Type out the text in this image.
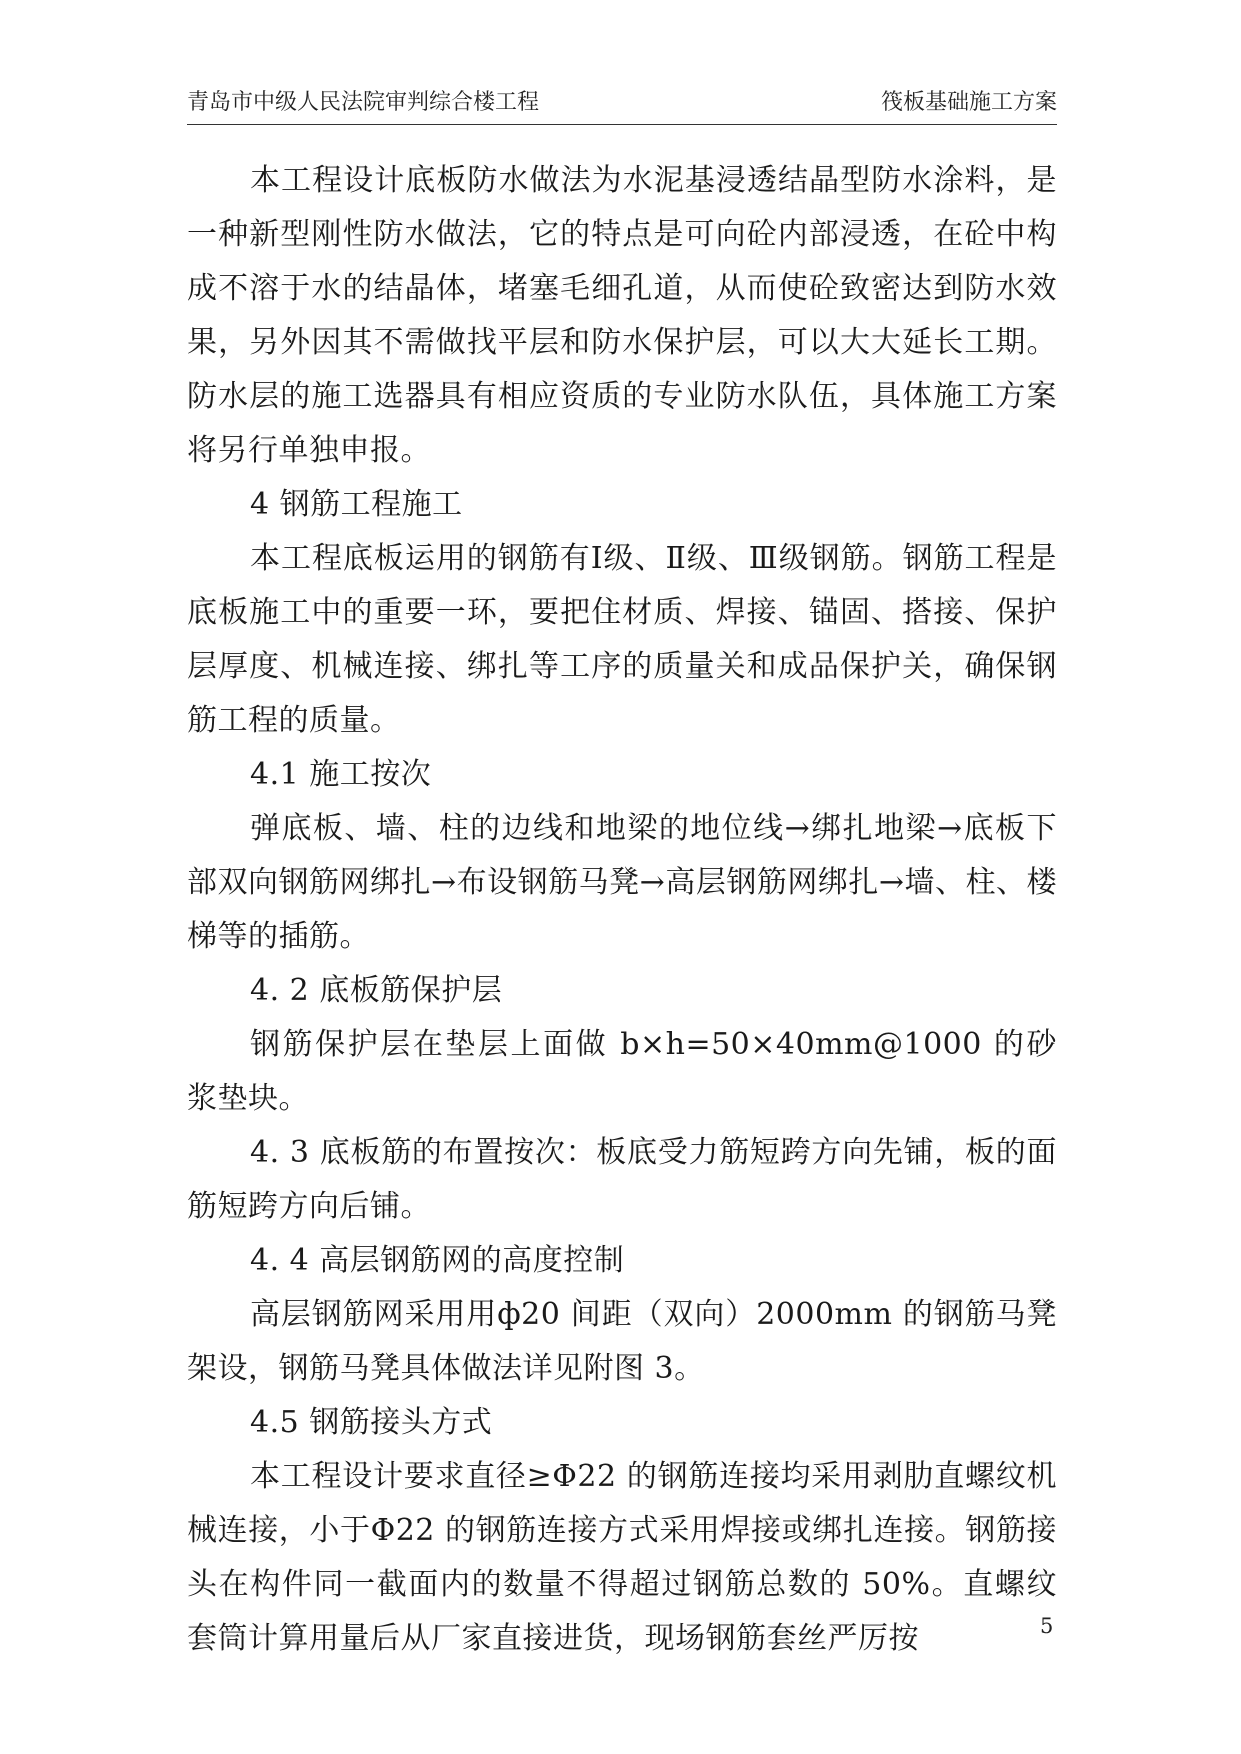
青岛市中级人民法院审判综合楼工程	筏板基础施工方案

本工程设计底板防水做法为水泥基浸透结晶型防水涂料，是一种新型刚性防水做法，它的特点是可向砼内部浸透，在砼中构成不溶于水的结晶体，堵塞毛细孔道，从而使砼致密达到防水效果，另外因其不需做找平层和防水保护层，可以大大延长工期。防水层的施工选器具有相应资质的专业防水队伍，具体施工方案将另行单独申报。

4 钢筋工程施工

本工程底板运用的钢筋有Ⅰ级、Ⅱ级、Ⅲ级钢筋。钢筋工程是底板施工中的重要一环，要把住材质、焊接、锚固、搭接、保护层厚度、机械连接、绑扎等工序的质量关和成品保护关，确保钢筋工程的质量。

4.1 施工按次

弹底板、墙、柱的边线和地梁的地位线→绑扎地梁→底板下部双向钢筋网绑扎→布设钢筋马凳→高层钢筋网绑扎→墙、柱、楼梯等的插筋。

4. 2 底板筋保护层

钢筋保护层在垫层上面做 b×h=50×40mm@1000 的砂浆垫块。

4. 3 底板筋的布置按次：板底受力筋短跨方向先铺，板的面筋短跨方向后铺。

4. 4 高层钢筋网的高度控制

高层钢筋网采用用ф20 间距（双向）2000mm 的钢筋马凳架设，钢筋马凳具体做法详见附图 3。

4.5 钢筋接头方式

本工程设计要求直径≥Φ22 的钢筋连接均采用剥肋直螺纹机械连接，小于Φ22 的钢筋连接方式采用焊接或绑扎连接。钢筋接头在构件同一截面内的数量不得超过钢筋总数的 50%。直螺纹套筒计算用量后从厂家直接进货，现场钢筋套丝严厉按	5
